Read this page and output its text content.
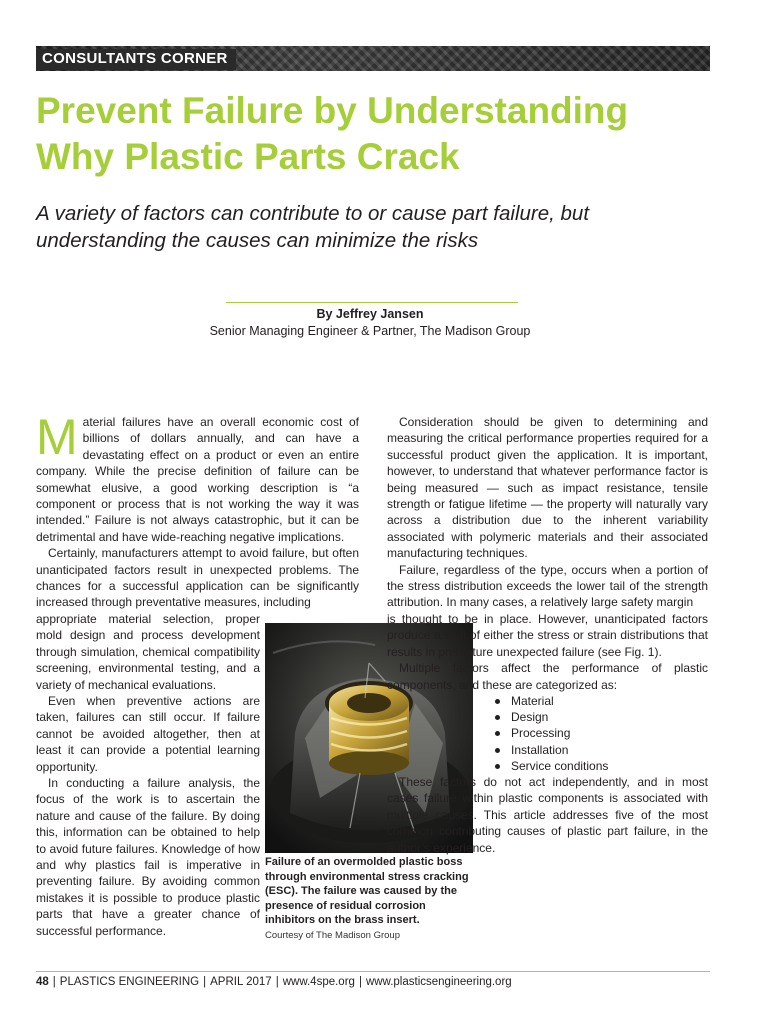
CONSULTANTS CORNER
Prevent Failure by Understanding
Why Plastic Parts Crack

A variety of factors can contribute to or cause part failure, but
understanding the causes can minimize the risks

By Jeffrey Jansen
Senior Managing Engineer & Partner, The Madison Group

Material failures have an overall economic cost of billions of dollars annually, and can have a devastating effect on a product or even an entire company. While the precise definition of failure can be somewhat elusive, a good working description is “a component or process that is not working the way it was intended.” Failure is not always catastrophic, but it can be detrimental and have wide-reaching negative implications.

Certainly, manufacturers attempt to avoid failure, but often unanticipated factors result in unexpected problems. The chances for a successful application can be significantly increased through preventative measures, including

appropriate material selection, proper mold design and process development through simulation, chemical compatibility screening, environmental testing, and a variety of mechanical evaluations.

Even when preventive actions are taken, failures can still occur. If failure cannot be avoided altogether, then at least it can provide a potential learning opportunity.

In conducting a failure analysis, the focus of the work is to ascertain the nature and cause of the failure. By doing this, information can be obtained to help to avoid future failures. Knowledge of how and why plastics fail is imperative in preventing failure. By avoiding common mistakes it is possible to produce plastic parts that have a greater chance of successful performance.

Failure of an overmolded plastic boss through environmental stress cracking (ESC). The failure was caused by the presence of residual corrosion inhibitors on the brass insert.
Courtesy of The Madison Group

Consideration should be given to determining and measuring the critical performance properties required for a successful product given the application. It is important, however, to understand that whatever performance factor is being measured — such as impact resistance, tensile strength or fatigue lifetime — the property will naturally vary across a distribution due to the inherent variability associated with polymeric materials and their associated manufacturing techniques.

Failure, regardless of the type, occurs when a portion of the stress distribution exceeds the lower tail of the strength attribution. In many cases, a relatively large safety margin

is thought to be in place. However, unanticipated factors produce a shift of either the stress or strain distributions that results in premature unexpected failure (see Fig. 1).

Multiple factors affect the performance of plastic components, and these are categorized as:

Material
Design
Processing
Installation
Service conditions

These factors do not act independently, and in most cases failure within plastic components is associated with multiple causes. This article addresses five of the most common contributing causes of plastic part failure, in the author’s experience.

48 | PLASTICS ENGINEERING | APRIL 2017 | www.4spe.org | www.plasticsengineering.org
